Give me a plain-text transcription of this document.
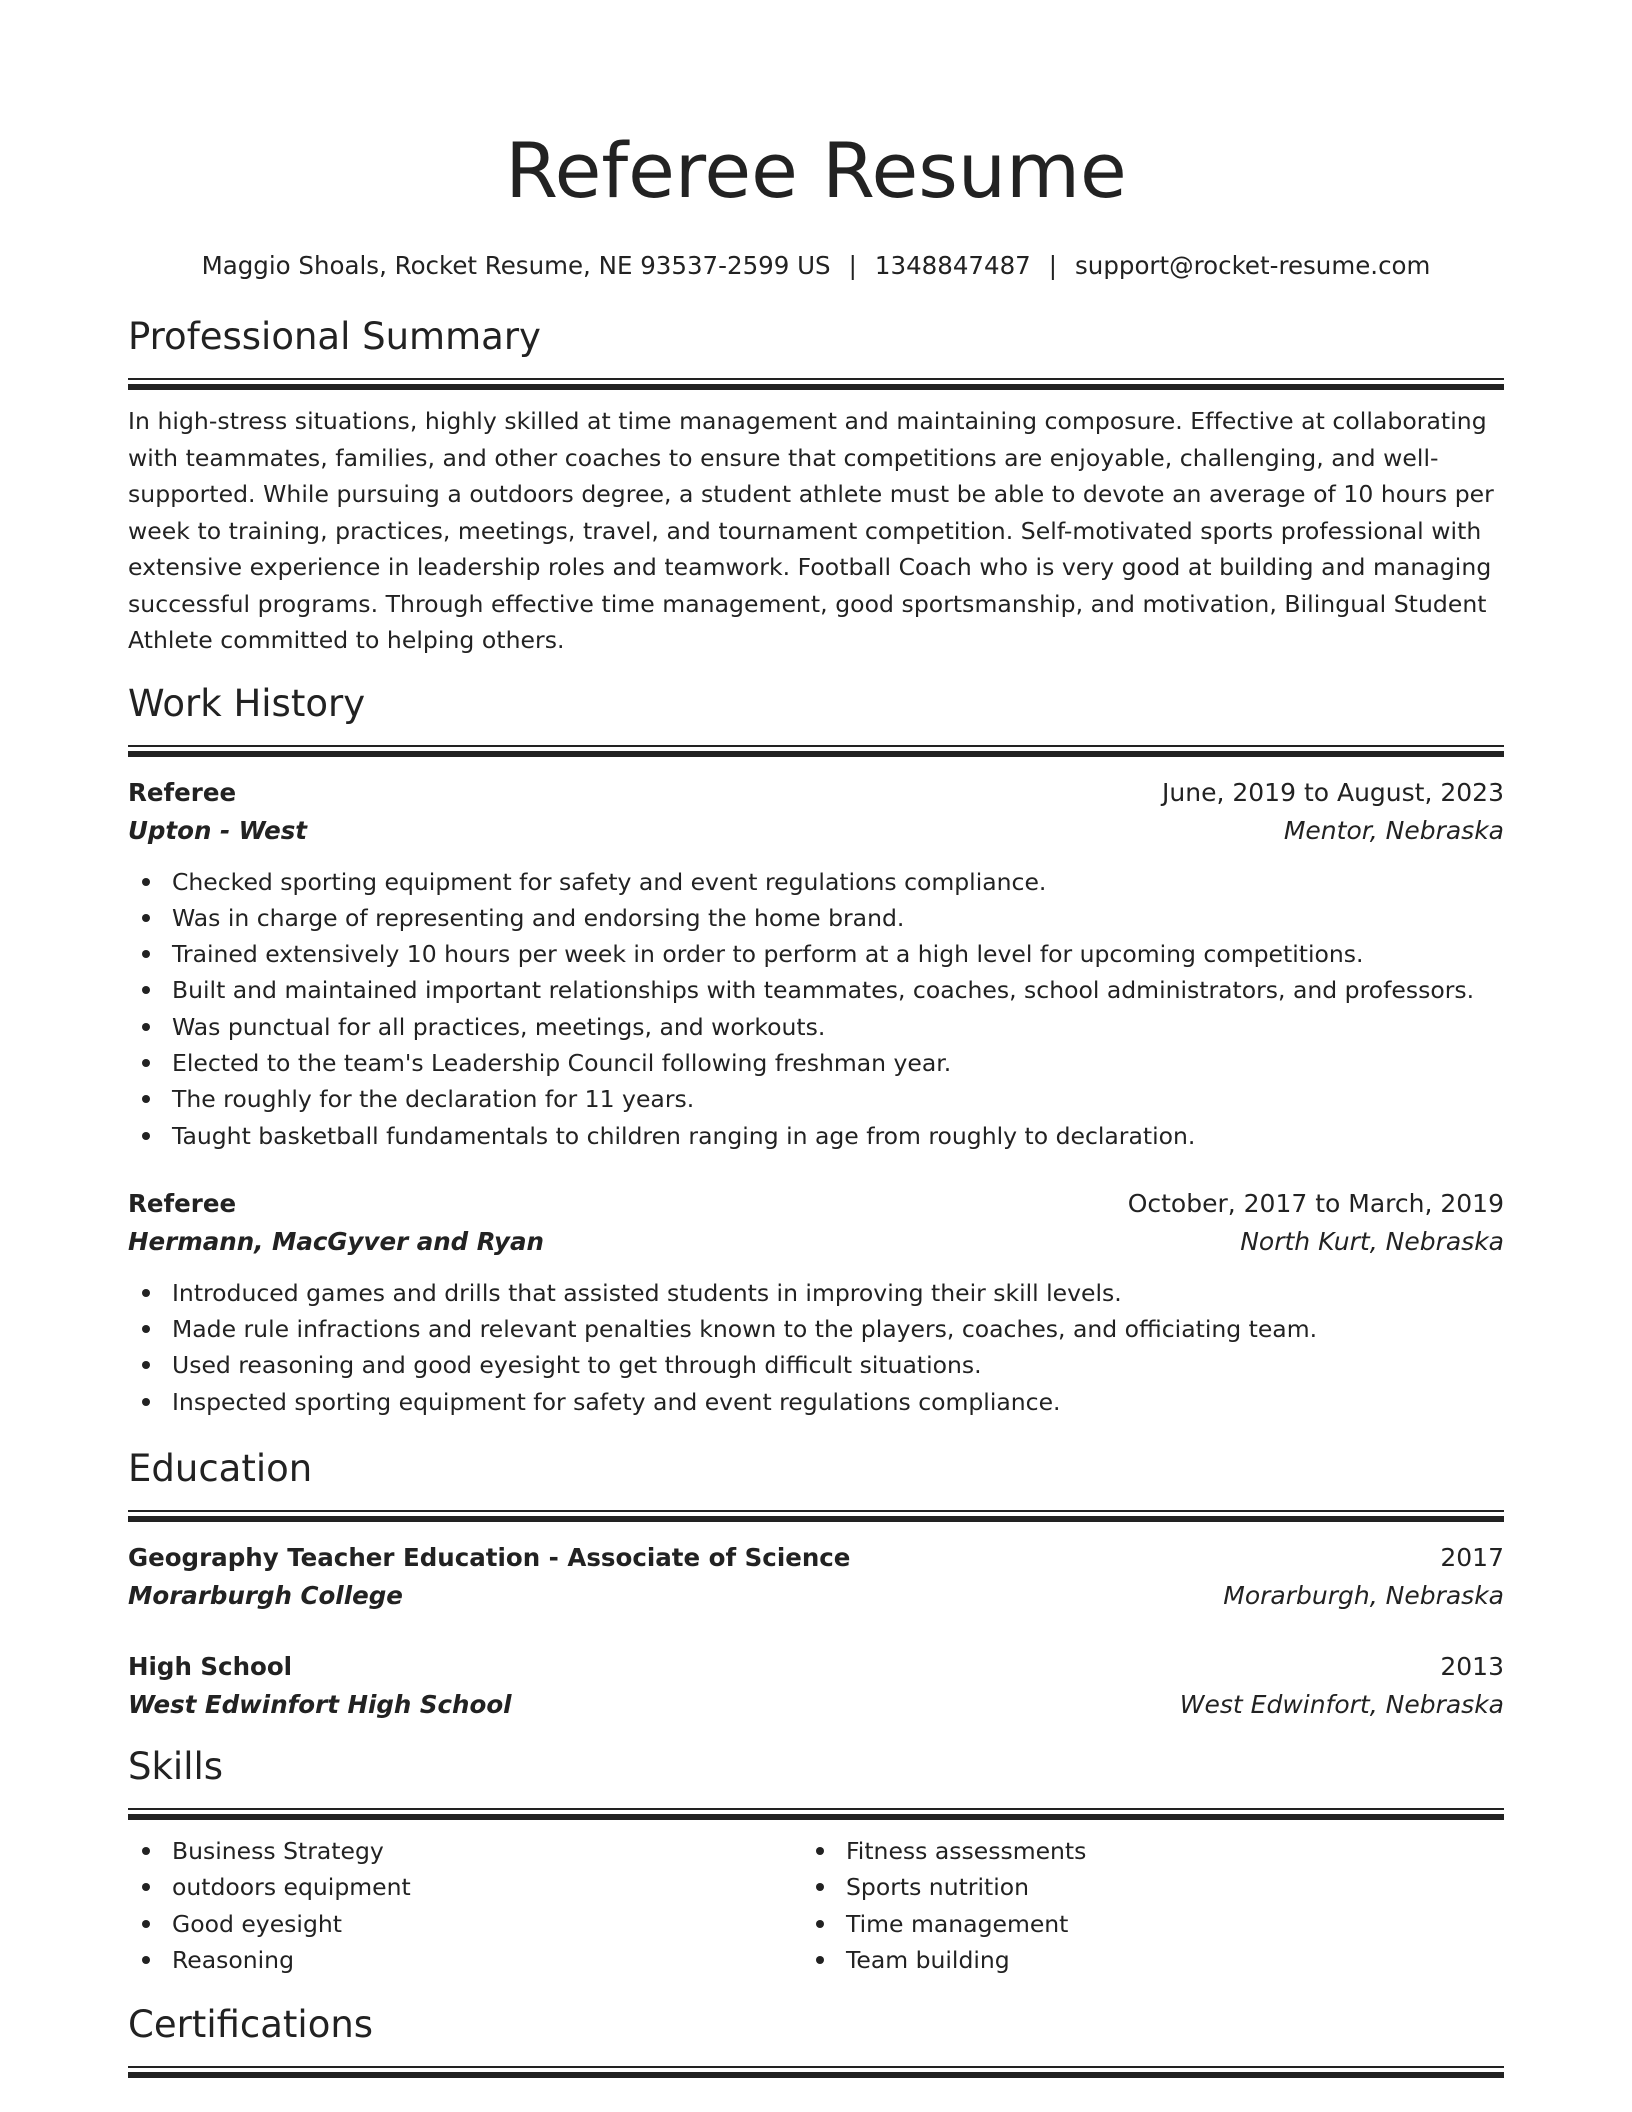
Referee Resume
Maggio Shoals, Rocket Resume, NE 93537-2599 US | 1348847487 | support@rocket-resume.com
Professional Summary
In high-stress situations, highly skilled at time management and maintaining composure. Effective at collaborating with teammates, families, and other coaches to ensure that competitions are enjoyable, challenging, and well-supported. While pursuing a outdoors degree, a student athlete must be able to devote an average of 10 hours per week to training, practices, meetings, travel, and tournament competition. Self-motivated sports professional with extensive experience in leadership roles and teamwork. Football Coach who is very good at building and managing successful programs. Through effective time management, good sportsmanship, and motivation, Bilingual Student Athlete committed to helping others.
Work History
Referee	June, 2019 to August, 2023
Upton - West	Mentor, Nebraska
Checked sporting equipment for safety and event regulations compliance.
Was in charge of representing and endorsing the home brand.
Trained extensively 10 hours per week in order to perform at a high level for upcoming competitions.
Built and maintained important relationships with teammates, coaches, school administrators, and professors.
Was punctual for all practices, meetings, and workouts.
Elected to the team's Leadership Council following freshman year.
The roughly for the declaration for 11 years.
Taught basketball fundamentals to children ranging in age from roughly to declaration.
Referee	October, 2017 to March, 2019
Hermann, MacGyver and Ryan	North Kurt, Nebraska
Introduced games and drills that assisted students in improving their skill levels.
Made rule infractions and relevant penalties known to the players, coaches, and officiating team.
Used reasoning and good eyesight to get through difficult situations.
Inspected sporting equipment for safety and event regulations compliance.
Education
Geography Teacher Education - Associate of Science	2017
Morarburgh College	Morarburgh, Nebraska
High School	2013
West Edwinfort High School	West Edwinfort, Nebraska
Skills
Business Strategy
outdoors equipment
Good eyesight
Reasoning
Fitness assessments
Sports nutrition
Time management
Team building
Certifications
